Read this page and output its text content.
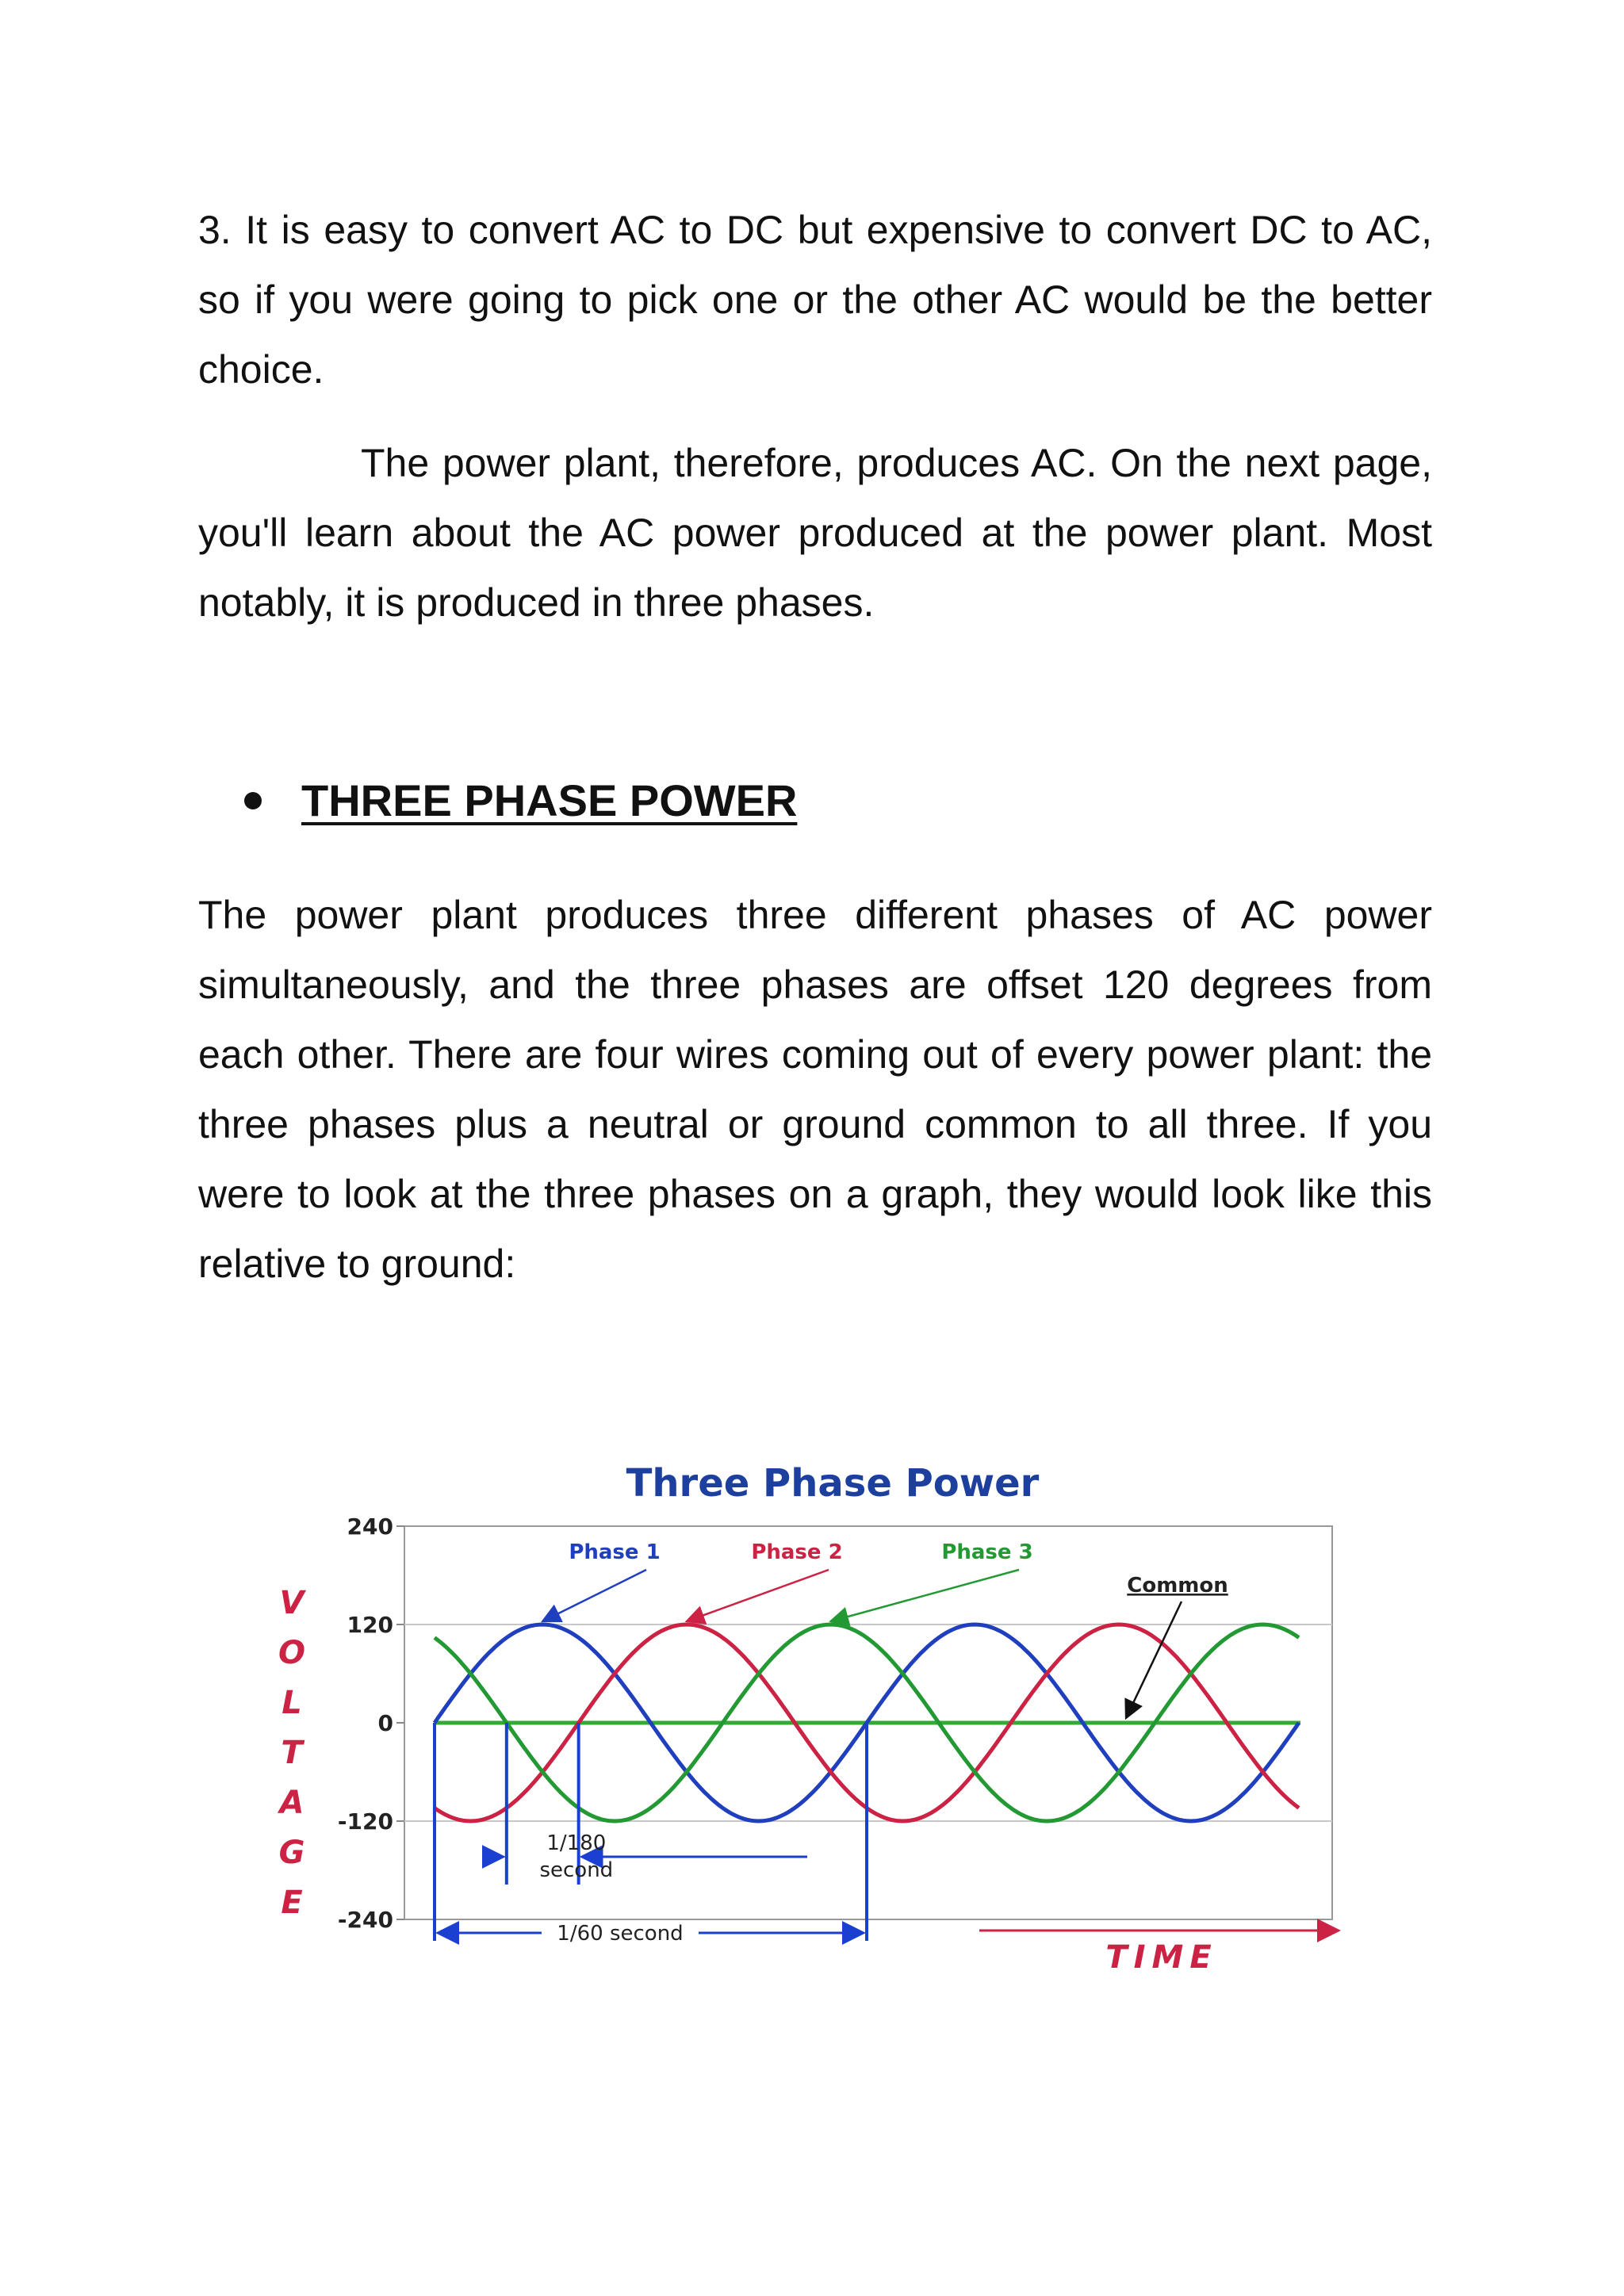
3. It is easy to convert AC to DC but expensive to convert DC to AC, so if you were going to pick one or the other AC would be the better choice.

The power plant, therefore, produces AC. On the next page, you'll learn about the AC power produced at the power plant. Most notably, it is produced in three phases.

THREE PHASE POWER

The power plant produces three different phases of AC power simultaneously, and the three phases are offset 120 degrees from each other. There are four wires coming out of every power plant: the three phases plus a neutral or ground common to all three. If you were to look at the three phases on a graph, they would look like this relative to ground:

Three Phase Power
240
120
0
-120
-240
V
O
L
T
A
G
E
1/60 second
1/180
second
TIME
Phase 1	Phase 2	Phase 3
Common
